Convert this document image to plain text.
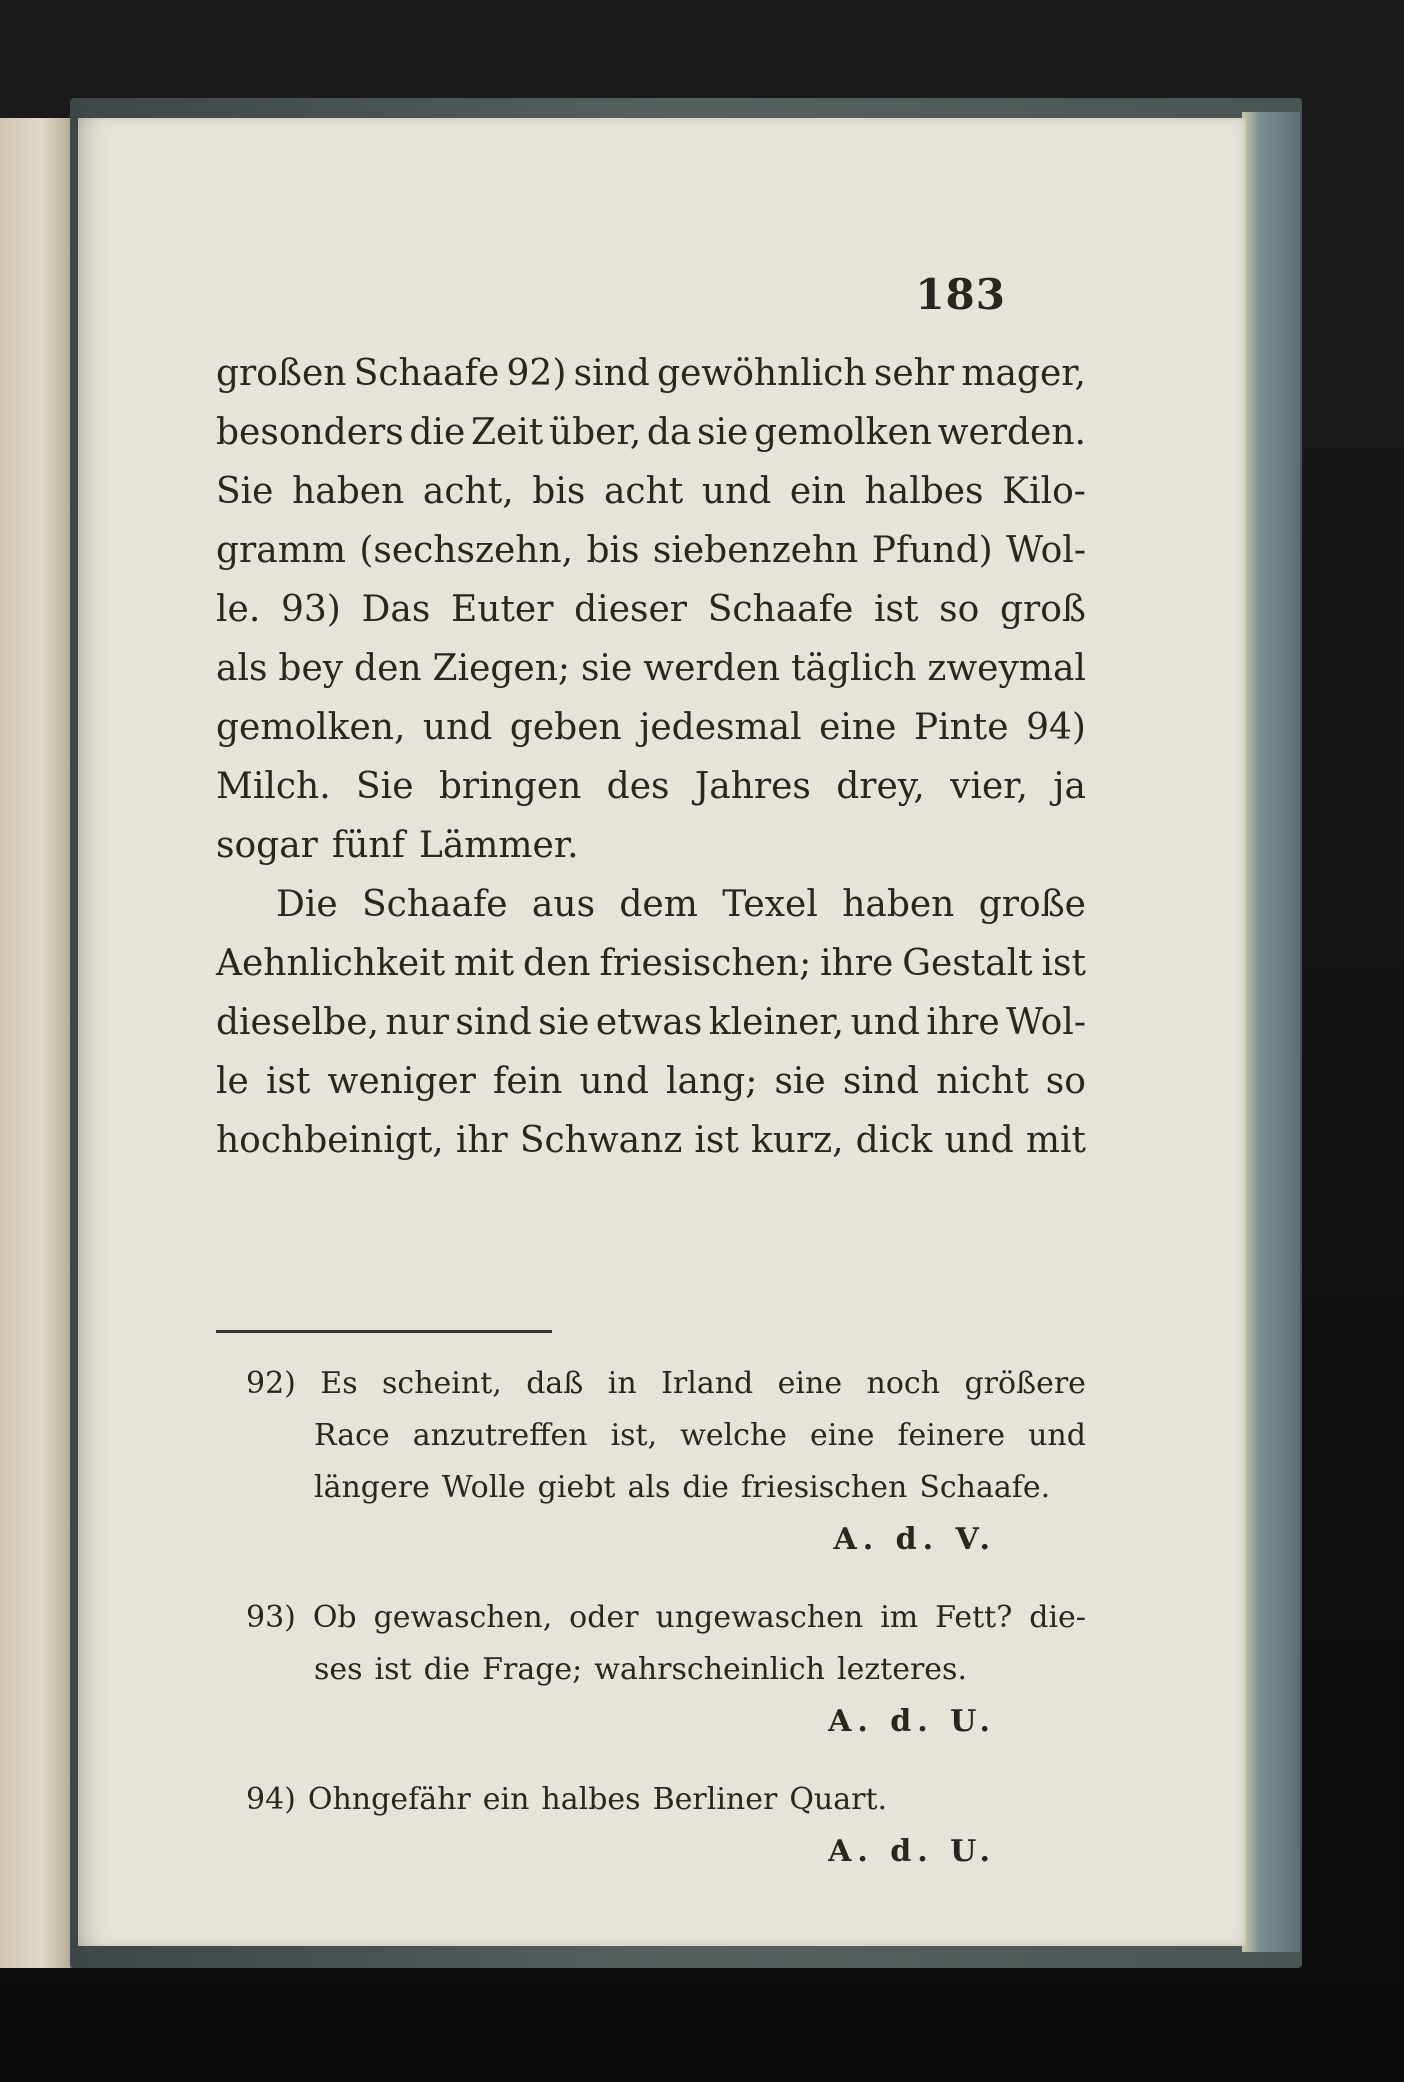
183
großen Schaafe 92) sind gewöhnlich sehr mager,
besonders die Zeit über, da sie gemolken werden.
Sie haben acht, bis acht und ein halbes Kilo-
gramm (sechszehn, bis siebenzehn Pfund) Wol-
le. 93) Das Euter dieser Schaafe ist so groß
als bey den Ziegen; sie werden täglich zweymal
gemolken, und geben jedesmal eine Pinte 94)
Milch. Sie bringen des Jahres drey, vier, ja
sogar fünf Lämmer.
Die Schaafe aus dem Texel haben große
Aehnlichkeit mit den friesischen; ihre Gestalt ist
dieselbe, nur sind sie etwas kleiner, und ihre Wol-
le ist weniger fein und lang; sie sind nicht so
hochbeinigt, ihr Schwanz ist kurz, dick und mit
92) Es scheint, daß in Irland eine noch größere
Race anzutreffen ist, welche eine feinere und
längere Wolle giebt als die friesischen Schaafe.
A. d. V.
93) Ob gewaschen, oder ungewaschen im Fett? die-
ses ist die Frage; wahrscheinlich lezteres.
A. d. U.
94) Ohngefähr ein halbes Berliner Quart.
A. d. U.
